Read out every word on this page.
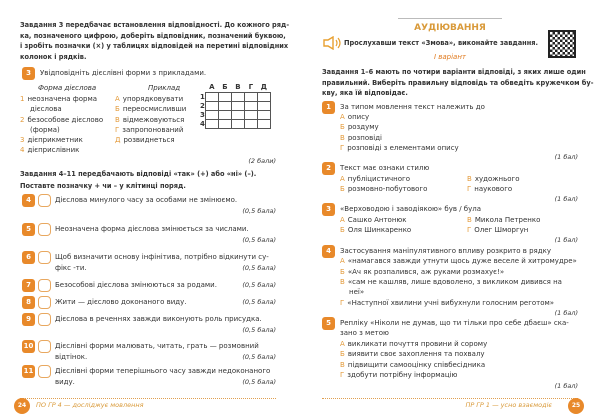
Завдання 3 передбачає встановлення відповідності. До кожного ряд-
ка, позначеного цифрою, доберіть відповідник, позначений буквою,
і зробіть позначки (×) у таблицях відповідей на перетині відповідних
колонок і рядків.
3	Увідповідніть дієслівні форми з прикладами.
Форма дієслова	Приклад
1 неозначена форма
дієслова
2 безособове дієслово
(форма)
3 дієприкметник
4 дієприслівник
А упорядковувати
Б переосмисливши
В відмежовуються
Г запропонований
Д розвиднеться
	А	Б	В	Г	Д
1					
2					
3					
4					
(2 бали)
Завдання 4–11 передбачають відповіді «так» (+) або «ні» (–).
Поставте позначку + чи – у клітинці поряд.
4	Дієслова минулого часу за особами не змінюємо.
(0,5 бала)
5	Неозначена форма дієслова змінюється за числами.
(0,5 бала)
6	Щоб визначити основу інфінітива, потрібно відкинути су-
фікс -ти.	(0,5 бала)
7	Безособові дієслова змінюються за родами.	(0,5 бала)
8	Жити — дієслово доконаного виду.	(0,5 бала)
9	Дієслова в реченнях завжди виконують роль присудка.
(0,5 бала)
10	Дієслівні форми малювать, читать, грать — розмовний
відтінок.	(0,5 бала)
11	Дієслівні форми теперішнього часу завжди недоконаного
виду.	(0,5 бала)
24	ПО ГР 4 — досліджує мовлення
АУДІЮВАННЯ
Прослухавши текст «Змова», виконайте завдання.
І варіант
Завдання 1–6 мають по чотири варіанти відповіді, з яких лише один
правильний. Виберіть правильну відповідь та обведіть кружечком бу-
кву, яка їй відповідає.
1	За типом мовлення текст належить до
А опису
Б роздуму
В розповіді
Г розповіді з елементами опису
(1 бал)
2	Текст має ознаки стилю
А публіцистичного
Б розмовно-побутового
В художнього
Г наукового
(1 бал)
3	«Верховодою і заводіякою» був / була
А Сашко Антонюк
Б Оля Шинкаренко
В Микола Петренко
Г Олег Шморгун
(1 бал)
4	Застосування маніпулятивного впливу розкрито в рядку
А «намагався завжди утнути щось дуже веселе й хитромудре»
Б «Ач як розпалився, аж руками розмахує!»
В «сам не кашляв, лише вдоволено, з викликом дивився на
неї»
Г «Наступної хвилини учні вибухнули голосним реготом»
(1 бал)
5	Репліку «Ніколи не думав, що ти тільки про себе дбаєш» ска-
зано з метою
А викликати почуття провини й сорому
Б виявити своє захоплення та похвалу
В підвищити самооцінку співбесідника
Г здобути потрібну інформацію
(1 бал)
ПР ГР 1 — усно взаємодіє	25
